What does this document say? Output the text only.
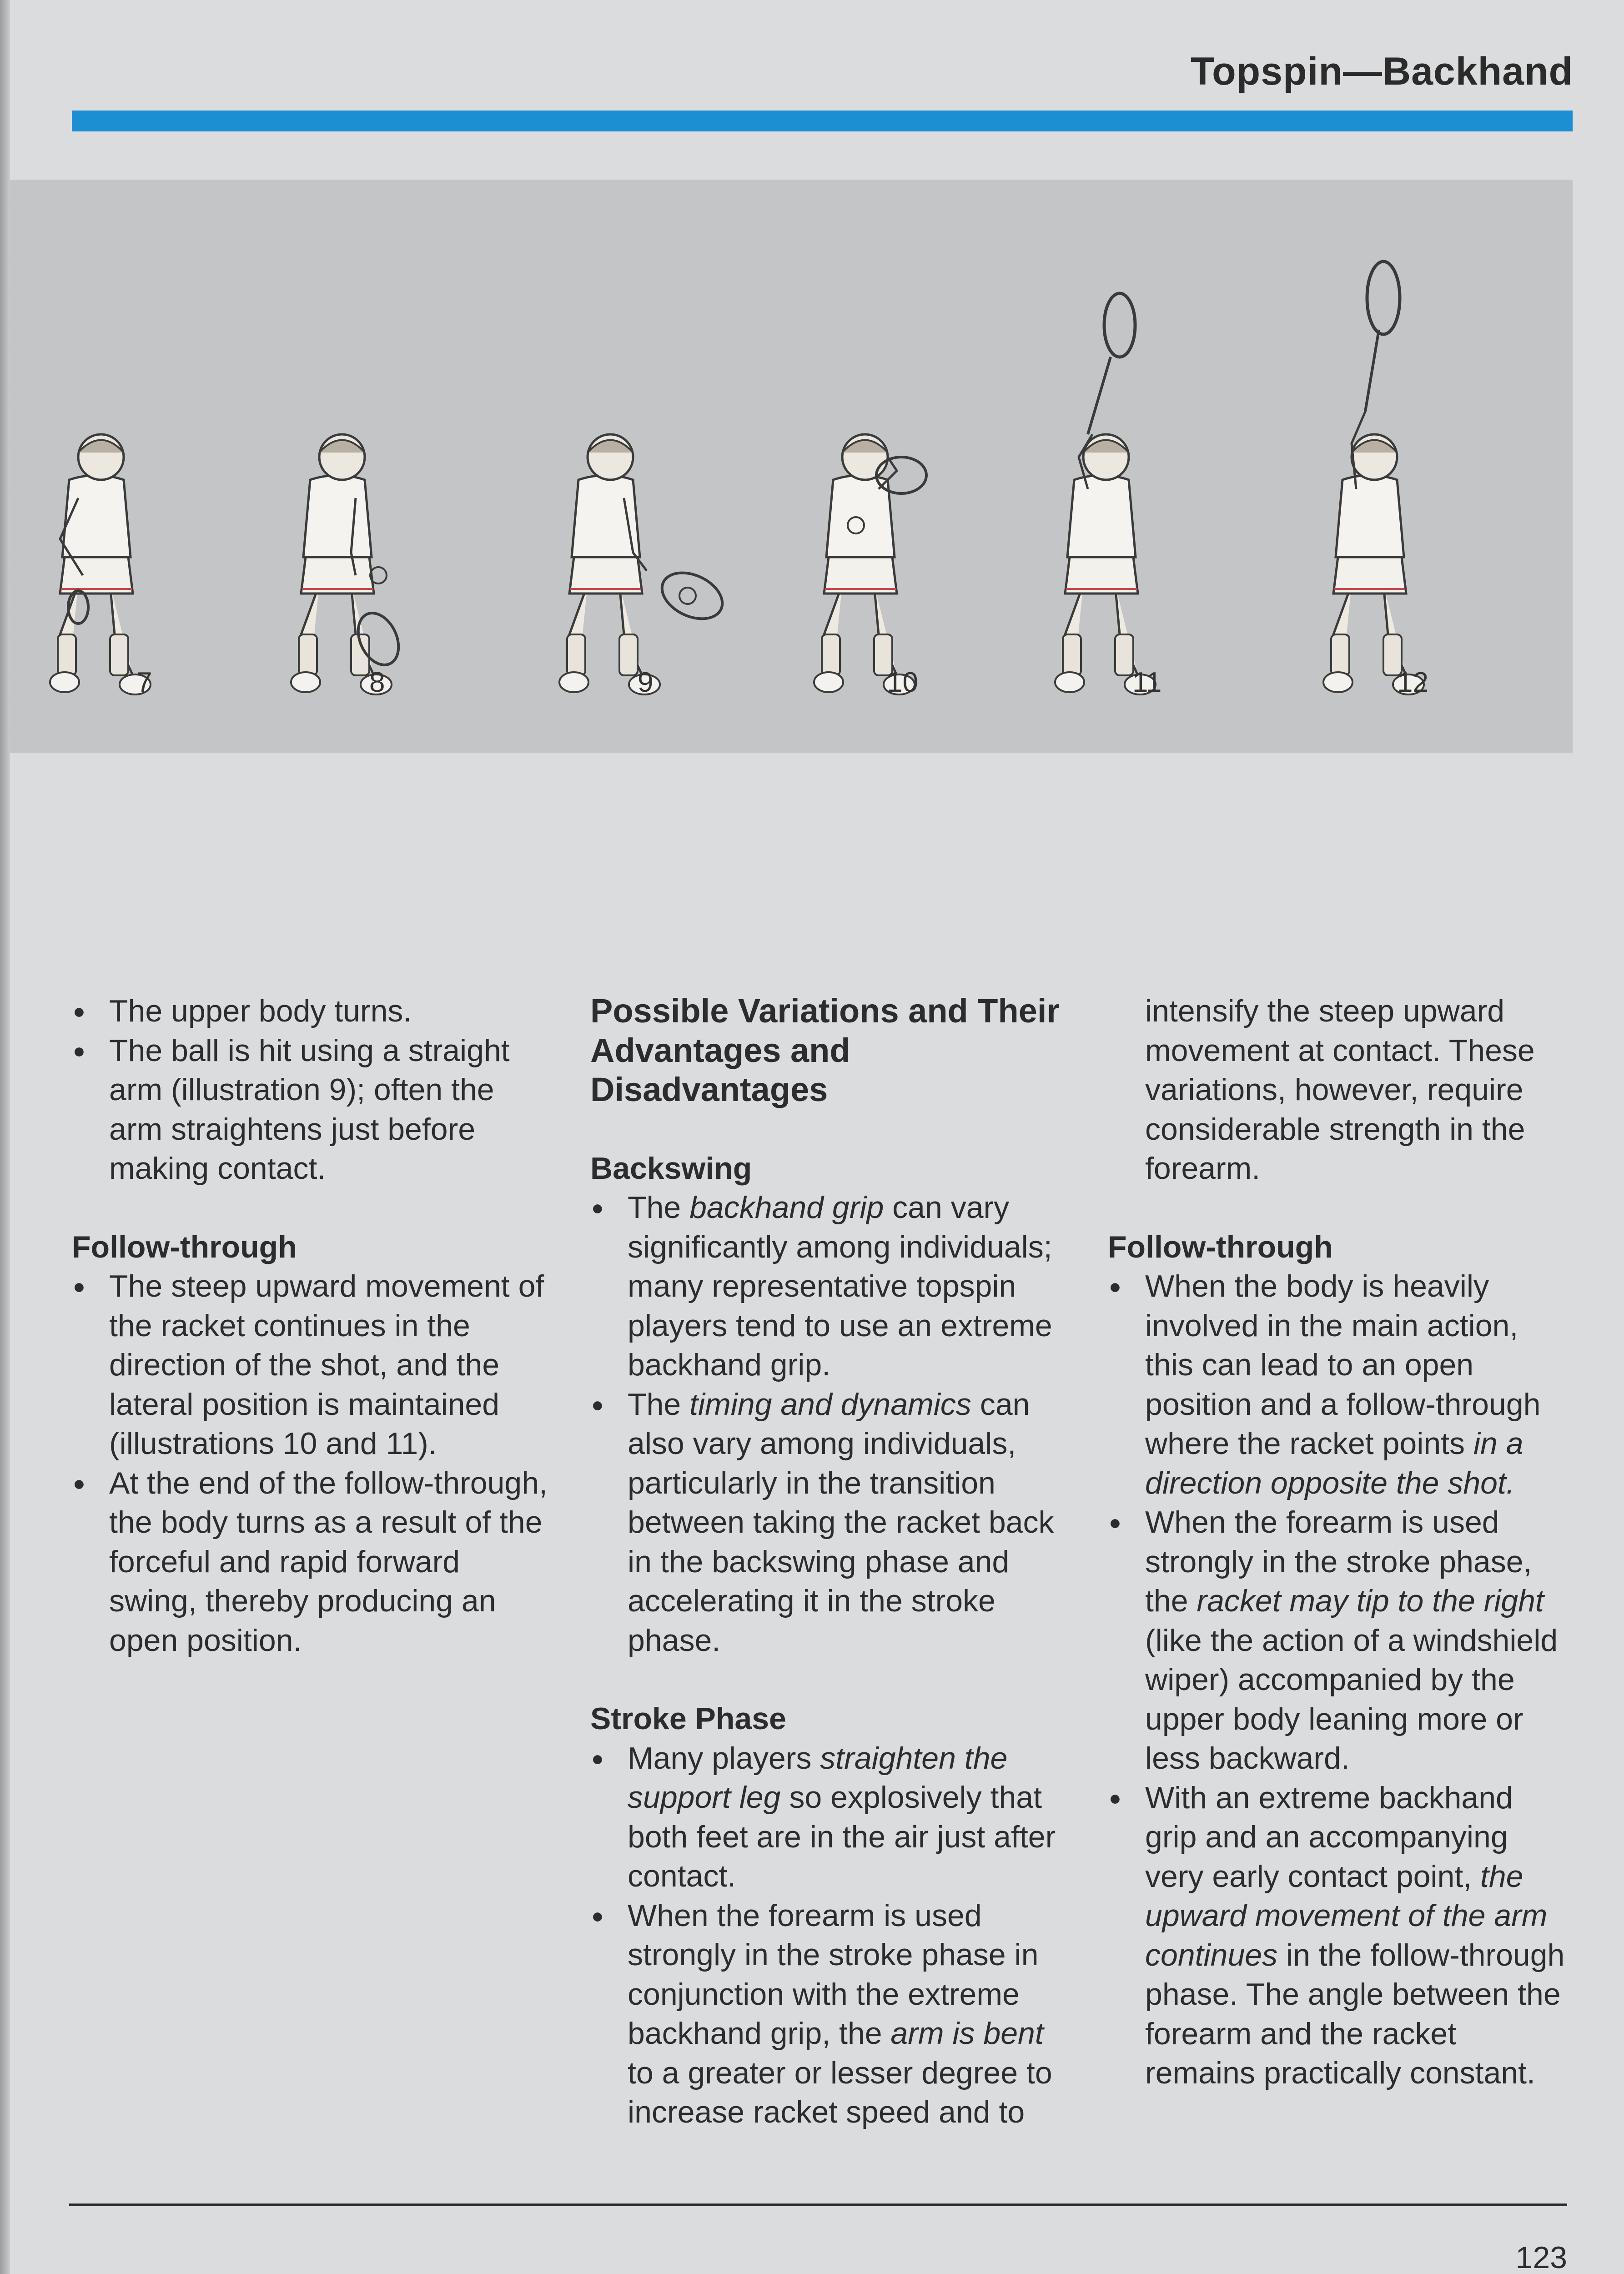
Topspin—Backhand
7	8	9	10	11	12
● The upper body turns.
● The ball is hit using a straight arm (illustration 9); often the arm straightens just before making contact.
Follow-through
● The steep upward movement of the racket continues in the direction of the shot, and the lateral position is maintained (illustrations 10 and 11).
● At the end of the follow-through, the body turns as a result of the forceful and rapid forward swing, thereby producing an open position.
Possible Variations and Their Advantages and Disadvantages
Backswing
● The backhand grip can vary significantly among individuals; many representative topspin players tend to use an extreme backhand grip.
● The timing and dynamics can also vary among individuals, particularly in the transition between taking the racket back in the backswing phase and accelerating it in the stroke phase.
Stroke Phase
● Many players straighten the support leg so explosively that both feet are in the air just after contact.
● When the forearm is used strongly in the stroke phase in conjunction with the extreme backhand grip, the arm is bent to a greater or lesser degree to increase racket speed and to
intensify the steep upward movement at contact. These variations, however, require considerable strength in the forearm.
Follow-through
● When the body is heavily involved in the main action, this can lead to an open position and a follow-through where the racket points in a direction opposite the shot.
● When the forearm is used strongly in the stroke phase, the racket may tip to the right (like the action of a windshield wiper) accompanied by the upper body leaning more or less backward.
● With an extreme backhand grip and an accompanying very early contact point, the upward movement of the arm continues in the follow-through phase. The angle between the forearm and the racket remains practically constant.
123
